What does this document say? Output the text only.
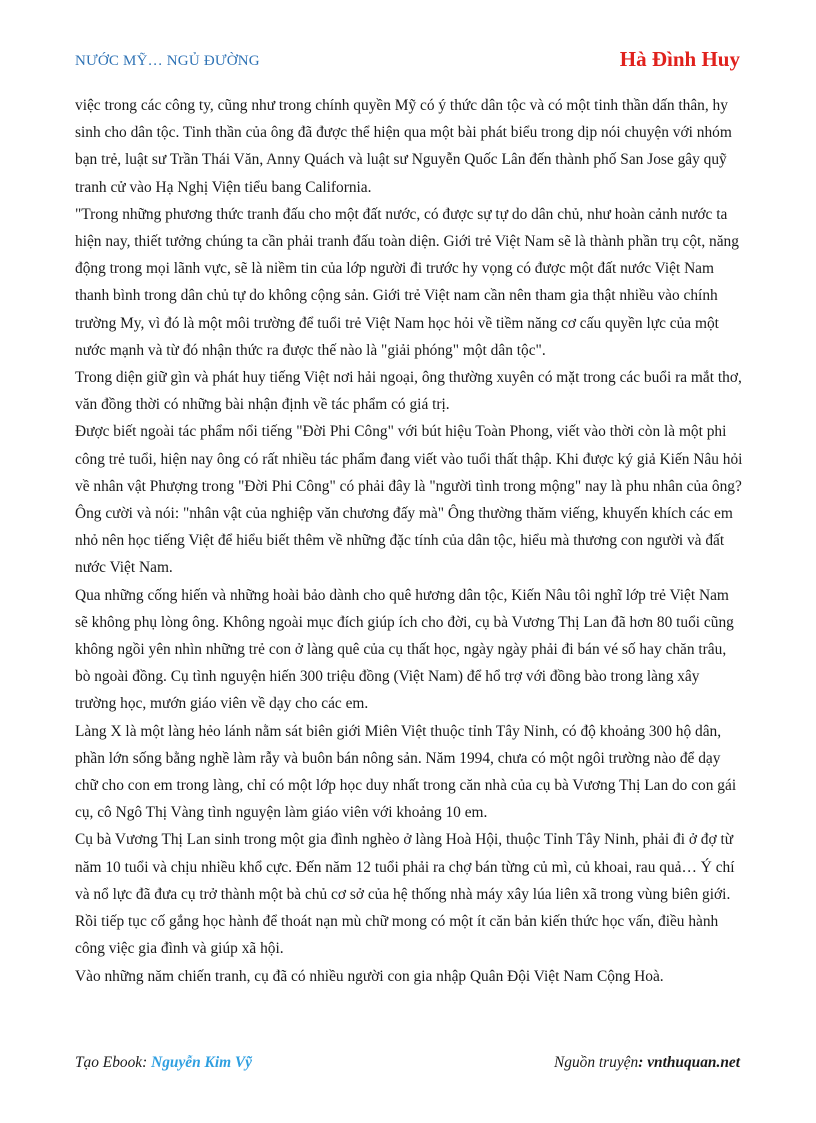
NƯỚC MỸ… NGỦ ĐƯỜNG	Hà Đình Huy

việc trong các công ty, cũng như trong chính quyền Mỹ có ý thức dân tộc và có một tinh thần dấn thân, hy sinh cho dân tộc. Tinh thần của ông đã được thể hiện qua một bài phát biểu trong dịp nói chuyện với nhóm bạn trẻ, luật sư Trần Thái Văn, Anny Quách và luật sư Nguyễn Quốc Lân đến thành phố San Jose gây quỹ tranh cử vào Hạ Nghị Viện tiểu bang California.

"Trong những phương thức tranh đấu cho một đất nước, có được sự tự do dân chủ, như hoàn cảnh nước ta hiện nay, thiết tưởng chúng ta cần phải tranh đấu toàn diện. Giới trẻ Việt Nam sẽ là thành phần trụ cột, năng động trong mọi lãnh vực, sẽ là niềm tin của lớp người đi trước hy vọng có được một đất nước Việt Nam thanh bình trong dân chủ tự do không cộng sản. Giới trẻ Việt nam cần nên tham gia thật nhiều vào chính trường My, vì đó là một môi trường để tuổi trẻ Việt Nam học hỏi về tiềm năng cơ cấu quyền lực của một nước mạnh và từ đó nhận thức ra được thế nào là "giải phóng" một dân tộc".

Trong diện giữ gìn và phát huy tiếng Việt nơi hải ngoại, ông thường xuyên có mặt trong các buổi ra mắt thơ, văn đồng thời có những bài nhận định về tác phẩm có giá trị.

Được biết ngoài tác phẩm nổi tiếng "Đời Phi Công" với bút hiệu Toàn Phong, viết vào thời còn là một phi công trẻ tuổi, hiện nay ông có rất nhiều tác phẩm đang viết vào tuổi thất thập. Khi được ký giả Kiến Nâu hỏi về nhân vật Phượng trong "Đời Phi Công" có phải đây là "người tình trong mộng" nay là phu nhân của ông? Ông cười và nói: "nhân vật của nghiệp văn chương đấy mà" Ông thường thăm viếng, khuyến khích các em nhỏ nên học tiếng Việt để hiểu biết thêm về những đặc tính của dân tộc, hiểu mà thương con người và đất nước Việt Nam.

Qua những cống hiến và những hoài bảo dành cho quê hương dân tộc, Kiến Nâu tôi nghĩ lớp trẻ Việt Nam sẽ không phụ lòng ông. Không ngoài mục đích giúp ích cho đời, cụ bà Vương Thị Lan đã hơn 80 tuổi cũng không ngồi yên nhìn những trẻ con ở làng quê của cụ thất học, ngày ngày phải đi bán vé số hay chăn trâu, bò ngoài đồng. Cụ tình nguyện hiến 300 triệu đồng (Việt Nam) để hổ trợ với đồng bào trong làng xây trường học, mướn giáo viên về dạy cho các em.

Làng X là một làng hẻo lánh nằm sát biên giới Miên Việt thuộc tỉnh Tây Ninh, có độ khoảng 300 hộ dân, phần lớn sống bằng nghề làm rẫy và buôn bán nông sản. Năm 1994, chưa có một ngôi trường nào để dạy chữ cho con em trong làng, chỉ có một lớp học duy nhất trong căn nhà của cụ bà Vương Thị Lan do con gái cụ, cô Ngô Thị Vàng tình nguyện làm giáo viên với khoảng 10 em.

Cụ bà Vương Thị Lan sinh trong một gia đình nghèo ở làng Hoà Hội, thuộc Tỉnh Tây Ninh, phải đi ở đợ từ năm 10 tuổi và chịu nhiều khổ cực. Đến năm 12 tuổi phải ra chợ bán từng củ mì, củ khoai, rau quả… Ý chí và nổ lực đã đưa cụ trở thành một bà chủ cơ sở của hệ thống nhà máy xây lúa liên xã trong vùng biên giới. Rồi tiếp tục cố gắng học hành để thoát nạn mù chữ mong có một ít căn bản kiến thức học vấn, điều hành công việc gia đình và giúp xã hội.

Vào những năm chiến tranh, cụ đã có nhiều người con gia nhập Quân Đội Việt Nam Cộng Hoà.

Tạo Ebook: Nguyễn Kim Vỹ	Nguồn truyện: vnthuquan.net
